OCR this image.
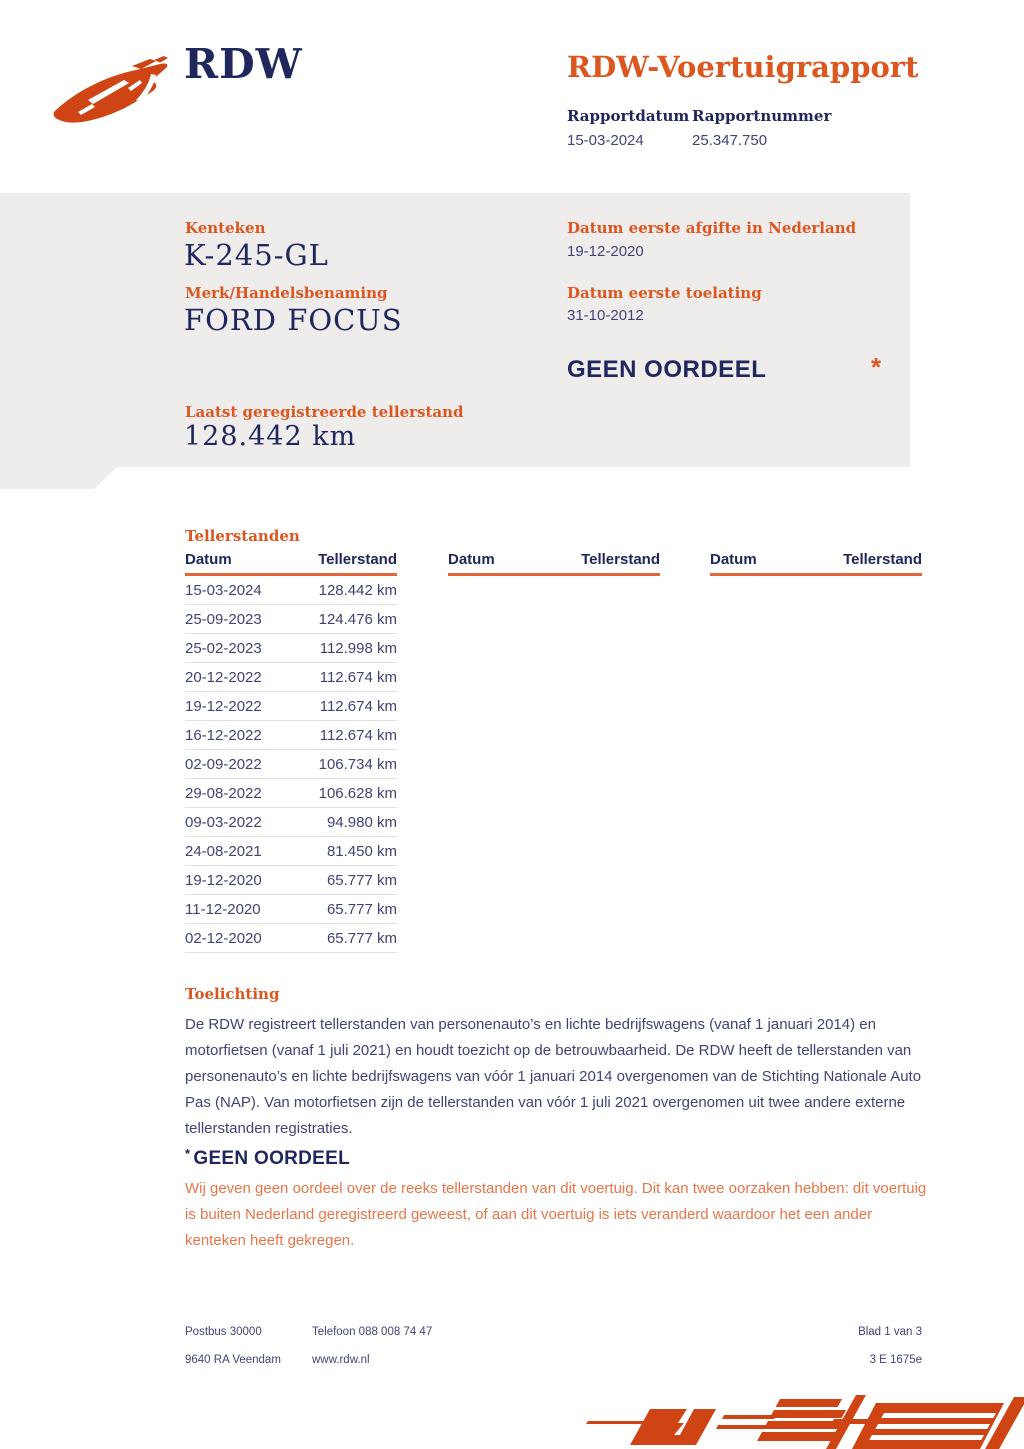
RDW	RDW-Voertuigrapport
Rapportdatum Rapportnummer
15-03-2024	25.347.750
Kenteken
K-245-GL
Merk/Handelsbenaming
FORD FOCUS
Datum eerste afgifte in Nederland
19-12-2020
Datum eerste toelating
31-10-2012
GEEN OORDEEL	*
Laatst geregistreerde tellerstand
128.442 km
Tellerstanden
Datum	Tellerstand
15-03-2024	128.442 km
25-09-2023	124.476 km
25-02-2023	112.998 km
20-12-2022	112.674 km
19-12-2022	112.674 km
16-12-2022	112.674 km
02-09-2022	106.734 km
29-08-2022	106.628 km
09-03-2022	94.980 km
24-08-2021	81.450 km
19-12-2020	65.777 km
11-12-2020	65.777 km
02-12-2020	65.777 km
Datum	Tellerstand	Datum	Tellerstand
Toelichting

De RDW registreert tellerstanden van personenauto’s en lichte bedrijfswagens (vanaf 1 januari 2014) en motorfietsen (vanaf 1 juli 2021) en houdt toezicht op de betrouwbaarheid. De RDW heeft de tellerstanden van personenauto’s en lichte bedrijfswagens van vóór 1 januari 2014 overgenomen van de Stichting Nationale Auto Pas (NAP). Van motorfietsen zijn de tellerstanden van vóór 1 juli 2021 overgenomen uit twee andere externe tellerstanden registraties.

* GEEN OORDEEL

Wij geven geen oordeel over de reeks tellerstanden van dit voertuig. Dit kan twee oorzaken hebben: dit voertuig is buiten Nederland geregistreerd geweest, of aan dit voertuig is iets veranderd waardoor het een ander kenteken heeft gekregen.

Postbus 30000
9640 RA Veendam
Telefoon 088 008 74 47
www.rdw.nl
Blad 1 van 3
3 E 1675e
